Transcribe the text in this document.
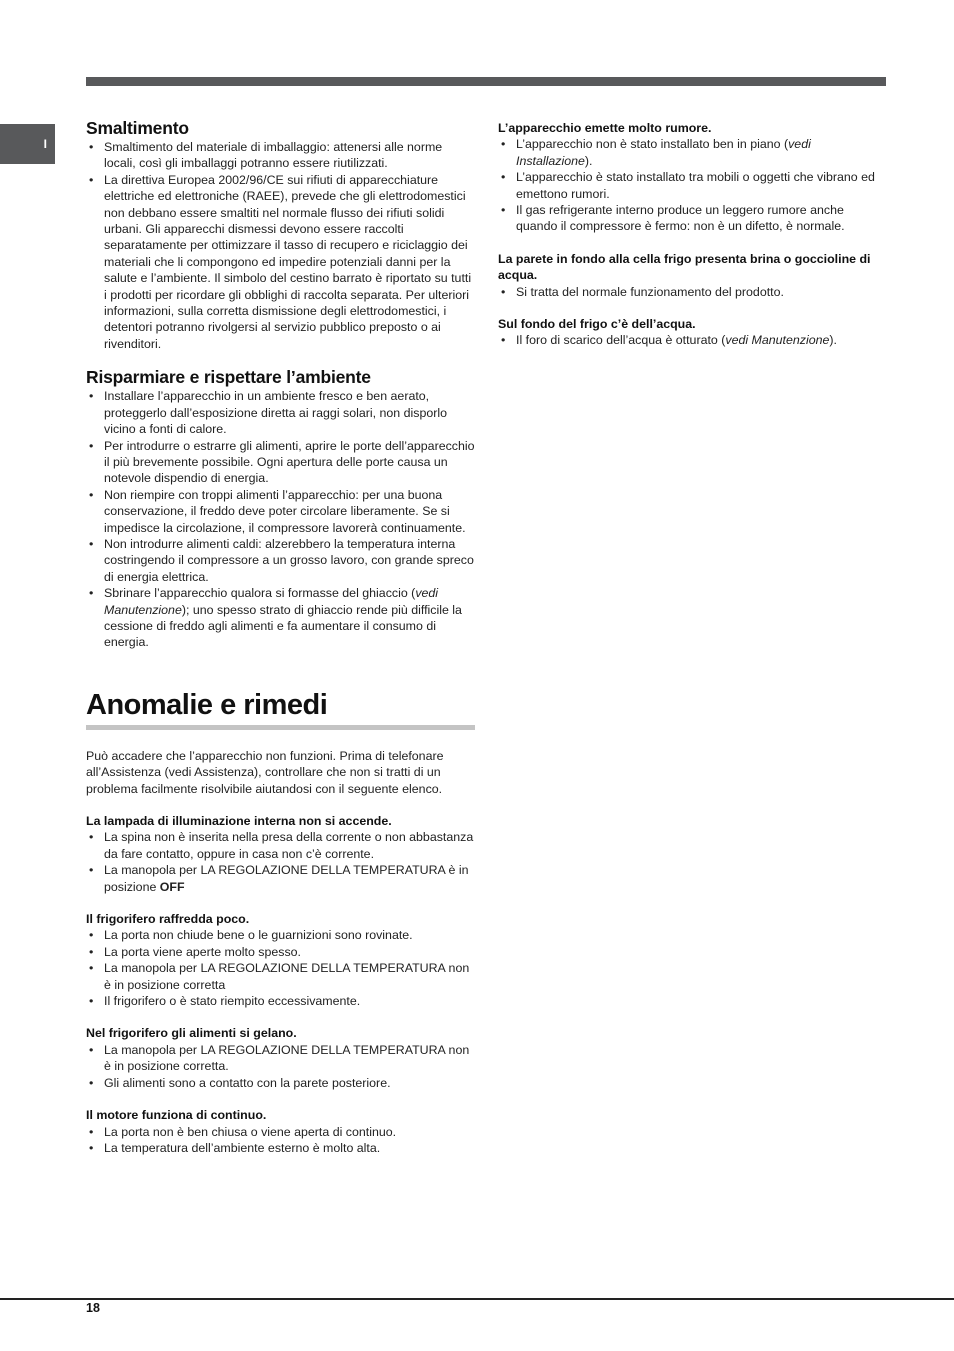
I
Smaltimento
• Smaltimento del materiale di imballaggio: attenersi alle norme locali, così gli imballaggi potranno essere riutilizzati.
• La direttiva Europea 2002/96/CE sui rifiuti di apparecchiature elettriche ed elettroniche (RAEE), prevede che gli elettrodomestici non debbano essere smaltiti nel normale flusso dei rifiuti solidi urbani. Gli apparecchi dismessi devono essere raccolti separatamente per ottimizzare il tasso di recupero e riciclaggio dei materiali che li compongono ed impedire potenziali danni per la salute e l’ambiente. Il simbolo del cestino barrato è riportato su tutti i prodotti per ricordare gli obblighi di raccolta separata. Per ulteriori informazioni, sulla corretta dismissione degli elettrodomestici, i detentori potranno rivolgersi al servizio pubblico preposto o ai rivenditori.
Risparmiare e rispettare l’ambiente
• Installare l’apparecchio in un ambiente fresco e ben aerato, proteggerlo dall’esposizione diretta ai raggi solari, non disporlo vicino a fonti di calore.
• Per introdurre o estrarre gli alimenti, aprire le porte dell’apparecchio il più brevemente possibile. Ogni apertura delle porte causa un notevole dispendio di energia.
• Non riempire con troppi alimenti l’apparecchio: per una buona conservazione, il freddo deve poter circolare liberamente. Se si impedisce la circolazione, il compressore lavorerà continuamente.
• Non introdurre alimenti caldi: alzerebbero la temperatura interna costringendo il compressore a un grosso lavoro, con grande spreco di energia elettrica.
• Sbrinare l’apparecchio qualora si formasse del ghiaccio (vedi Manutenzione); uno spesso strato di ghiaccio rende più difficile la cessione di freddo agli alimenti e fa aumentare il consumo di energia.
Anomalie e rimedi

Può accadere che l’apparecchio non funzioni. Prima di telefonare all’Assistenza (vedi Assistenza), controllare che non si tratti di un problema facilmente risolvibile aiutandosi con il seguente elenco.

La lampada di illuminazione interna non si accende.
• La spina non è inserita nella presa della corrente o non abbastanza da fare contatto, oppure in casa non c’è corrente.
• La manopola per LA REGOLAZIONE DELLA TEMPERATURA è in posizione OFF
Il frigorifero raffredda poco.
• La porta non chiude bene o le guarnizioni sono rovinate.
• La porta viene aperte molto spesso.
• La manopola per LA REGOLAZIONE DELLA TEMPERATURA non è in posizione corretta
• Il frigorifero o è stato riempito eccessivamente.
Nel frigorifero gli alimenti si gelano.
• La manopola per LA REGOLAZIONE DELLA TEMPERATURA non è in posizione corretta.
• Gli alimenti sono a contatto con la parete posteriore.
Il motore funziona di continuo.
• La porta non è ben chiusa o viene aperta di continuo.
• La temperatura dell’ambiente esterno è molto alta.
L’apparecchio emette molto rumore.
• L’apparecchio non è stato installato ben in piano (vedi Installazione).
• L’apparecchio è stato installato tra mobili o oggetti che vibrano ed emettono rumori.
• Il gas refrigerante interno produce un leggero rumore anche quando il compressore è fermo: non è un difetto, è normale.
La parete in fondo alla cella frigo presenta brina o goccioline di acqua.
• Si tratta del normale funzionamento del prodotto.
Sul fondo del frigo c’è dell’acqua.
• Il foro di scarico dell’acqua è otturato (vedi Manutenzione).
18
